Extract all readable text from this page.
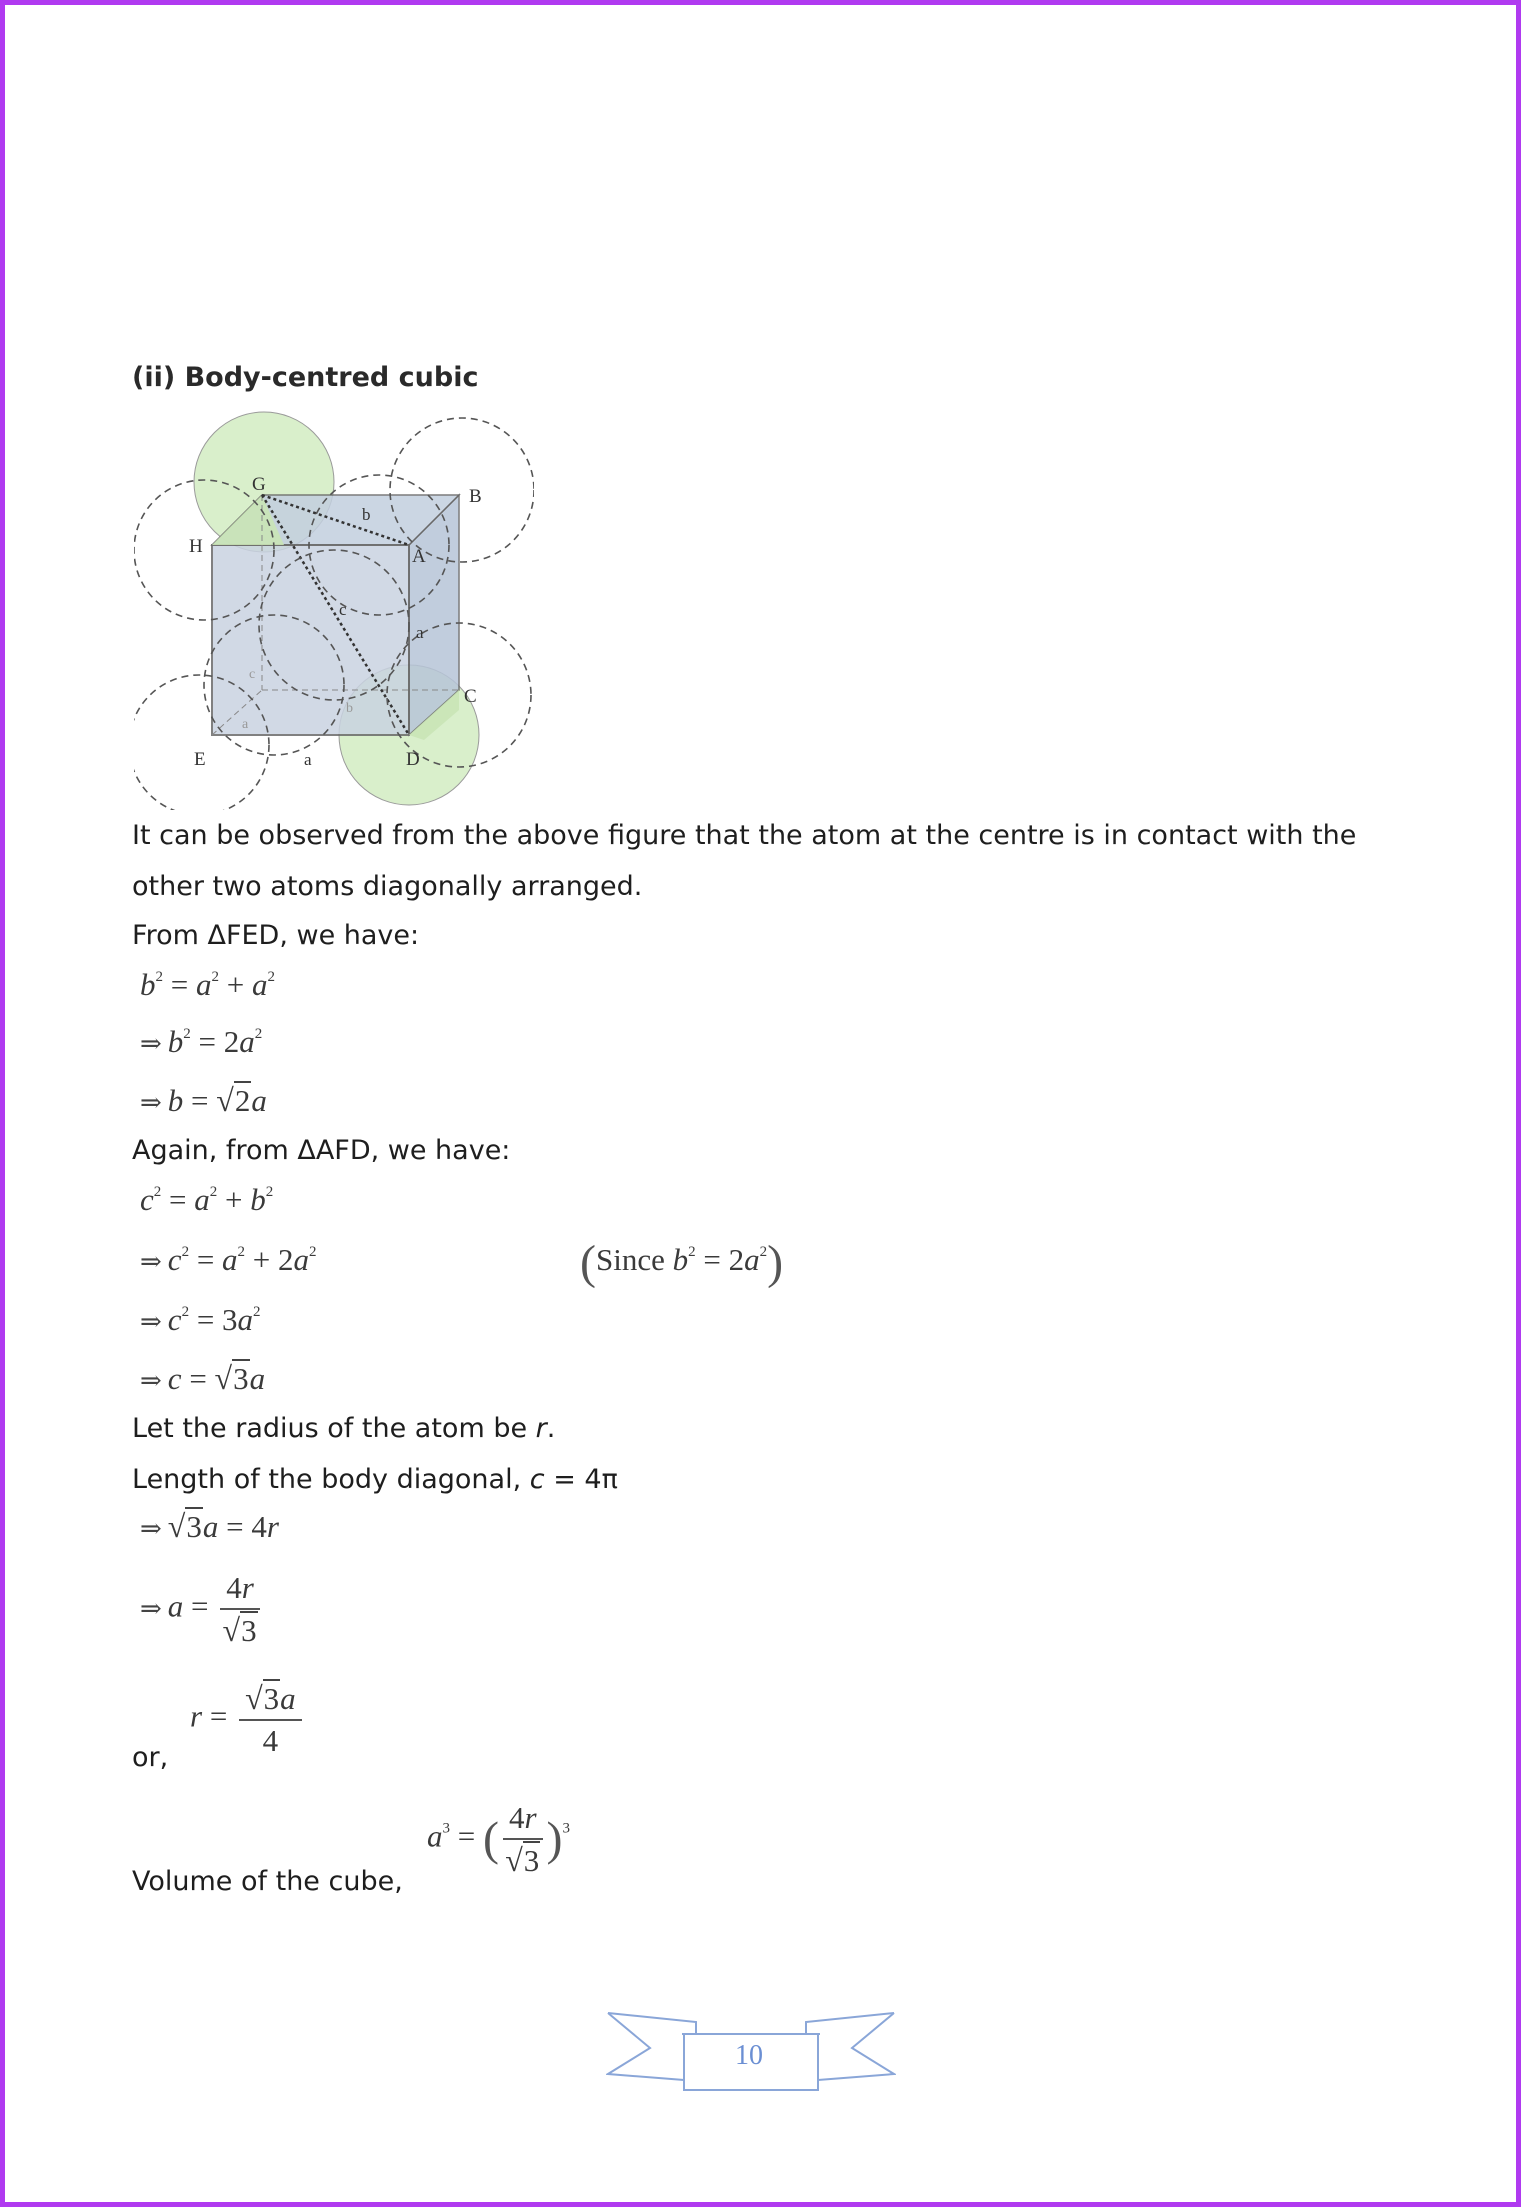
(ii) Body-centred cubic
G
B
H	A
C
E	D
b
c
a
a
b
a
c
It can be observed from the above figure that the atom at the centre is in contact with the
other two atoms diagonally arranged.
From ΔFED, we have:
$b^2 = a^2 + a^2$
⇒ $b^2 = 2a^2$
⇒ b = √2a
Again, from ΔAFD, we have:
$c^2 = a^2 + b^2$
⇒ $c^2 = a^2 + 2a^2$	(Since $b^2 = 2a^2$)
⇒ $c^2 = 3a^2$
⇒ c = √3a
Let the radius of the atom be r.
Length of the body diagonal, c = 4π
⇒ √3a = 4r
⇒ $a = \frac{4r}{√3}$
$r = \frac{√3a}{4}$
or,
Volume of the cube,
$a^3$ = ( $\frac{4r}{√3} )^3$
10
